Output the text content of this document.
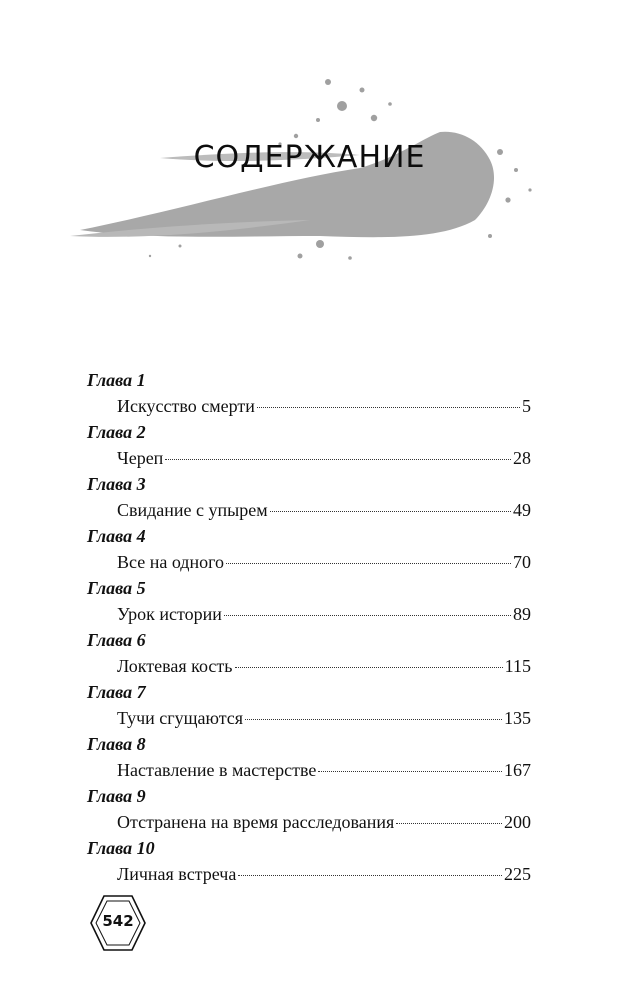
СОДЕРЖАНИЕ
Глава 1
Искусство смерти	5
Глава 2
Череп	28
Глава 3
Свидание с упырем	49
Глава 4
Все на одного	70
Глава 5
Урок истории	89
Глава 6
Локтевая кость	115
Глава 7
Тучи сгущаются	135
Глава 8
Наставление в мастерстве	167
Глава 9
Отстранена на время расследования	200
Глава 10
Личная встреча	225
542
